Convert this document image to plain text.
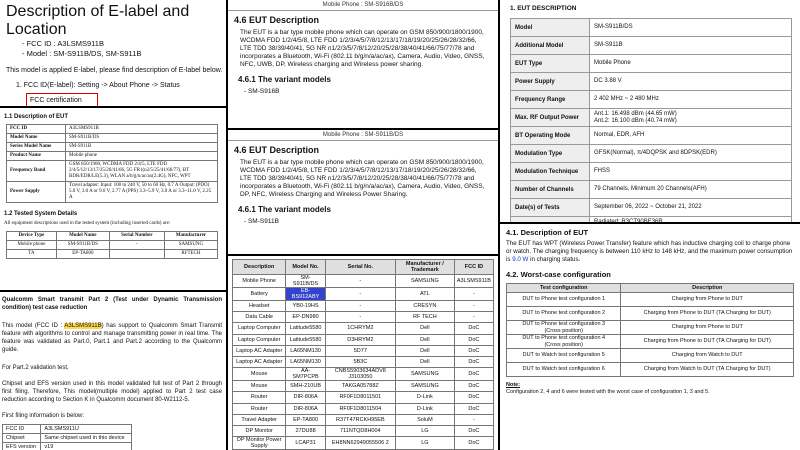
Description of E-label and Location
- FCC ID : A3LSMS911B
- Model : SM-S911B/DS, SM-S911B
This model is applied E-label, please find description of E-label below.
1. FCC ID(E-label): Setting -> About Phone -> Status
FCC certification
1.1 Description of EUT
FCC ID	A3LSMS911B
Model Name	SM-S911B/DS
Series Model Name	SM-S911B
Product Name	Mobile phone
Frequency Band	GSM 850/1900, WCDMA FDD 2/4/5, LTE FDD 2/4/5/12/13/17/25/26/41/66, 5G FR1(n2/5/25/41/66/77), BT BDR/EDR/LE(5.3), WLAN a/b/g/n/ac/ax(2.4G), NFC, WPT
Power Supply	Travel adapter: Input: 100 to 240 V, 50 to 60 Hz, 0.7 A Output: (PDO) 5.0 V, 3.0 A or 9.0 V, 2.77 A (PPS) 3.3~5.9 V, 3.0 A or 3.3~11.0 V, 2.25 A
1.2 Tested System Details
All equipment descriptions used in the tested system (including inserted cards) are:
Device Type	Model Name	Serial Number	Manufacturer
Mobile phone	SM-S911B/DS	-	SAMSUNG
TA	EP-TA800		RFTECH
Qualcomm Smart transmit Part 2 (Test under Dynamic Transmission condition) test case reduction
This model (FCC ID : A3LSMS911B) has support to Qualcomm Smart Transmit feature with algorithms to control and manage transmitting power in real time. The feature was validated as Part.0, Part.1 and Part.2 according to the Qualcomm guide.
For Part.2 validation test,
Chipset and EFS version used in this model validated full test of Part 2 through first filing. Therefore, This model(multiple model) applied to Part 2 test case reduction according to Section K in Qualcomm document 80-W2112-5.
First filing information is below:
FCC ID	A3LSMS911U
Chipset	Same chipset used in this device
EFS version	v19
Mobile Phone : SM-S916B/DS
4.6 EUT Description
The EUT is a bar type mobile phone which can operate on GSM 850/900/1800/1900, WCDMA FDD 1/2/4/5/8, LTE FDD 1/2/3/4/5/7/8/12/13/17/18/19/20/25/26/28/32/66, LTE TDD 38/39/40/41, 5G NR n1/2/3/5/7/8/12/20/25/28/38/40/41/66/75/77/78 and incorporates a Bluetooth, Wi-Fi (802.11 b/g/n/a/ac/ax), Camera, Audio, Video, GNSS, NFC, UWB, DP, Wireless charging and Wireless power sharing.
4.6.1 The variant models
- SM-S916B
Mobile Phone : SM-S911B/DS
4.6 EUT Description
The EUT is a bar type mobile phone which can operate on GSM 850/900/1800/1900, WCDMA FDD 1/2/4/5/8, LTE FDD 1/2/3/4/5/7/8/12/13/17/18/19/20/25/26/28/32/66, LTE TDD 38/39/40/41, 5G NR n1/2/3/5/7/8/12/20/25/28/38/40/41/66/75/77/78 and incorporates a Bluetooth, Wi-Fi (802.11 b/g/n/a/ac/ax), Camera, Audio, Video, GNSS, DP, NFC, Wireless Charging and Wireless Power Sharing.
4.6.1 The variant models
- SM-S911B
Description	Model No.	Serial No.	Manufacturer / Trademark	FCC ID
Mobile Phone	SM-S911B/DS	-	SAMSUNG	A3LSMS911B
Battery	EB-BS912ABY	-	ATL	-
Headset	YB0-19HS	-	CRESYN	-
Data Cable	EP-DN980	-	RF TECH	-
Laptop Computer	Latitude5580	1CHRYM2	Dell	DoC
Laptop Computer	Latitude5580	D3HRYM2	Dell	DoC
Laptop AC Adapter	LA65NM130	5D77	Dell	DoC
Laptop AC Adapter	LA65NM130	5B3C	Dell	DoC
Mouse	AA-SM7PCPB	CNBS5903634ADV8 J3103050	SAMSUNG	DoC
Mouse	SMH-210UB	TAKGA05788Z	SAMSUNG	DoC
Router	DIR-806A	RF0F1D8011501	D-Link	DoC
Router	DIR-806A	RF0F1D8011504	D-Link	DoC
Travel Adapter	EP-TA800	R37T47RCKH95EB	SoluM	-
DP Monitor	27DU88	711NTQD8H004	LG	DoC
DP Monitor Power Supply	LCAP31	EH8NN62949055506 2	LG	DoC

1. EUT DESCRIPTION
Model	SM-S911B/DS
Additional Model	SM-S911B
EUT Type	Mobile Phone
Power Supply	DC 3.88 V
Frequency Range	2 402 MHz ~ 2 480 MHz
Max. RF Output Power	Ant.1: 16.498 dBm (44.65 mW)
Ant.2: 16.100 dBm (40.74 mW)
BT Operating Mode	Normal, EDR, AFH
Modulation Type	GFSK(Normal), π/4DQPSK and 8DPSK(EDR)
Modulation Technique	FHSS
Number of Channels	79 Channels, Minimum 20 Channels(AFH)
Date(s) of Tests	September 06, 2022 ~ October 21, 2022
	Radiated: R3CT90BE36R

4.1. Description of EUT
The EUT has WPT (Wireless Power Transfer) feature which has inductive charging coil to charge phone or watch. The charging frequency is between 110 kHz to 148 kHz, and the maximum power consumption is 9.0 W in charging status.
4.2. Worst-case configuration
Test configuration	Description
DUT to Phone test configuration 1	Charging from Phone to DUT
DUT to Phone test configuration 2	Charging from Phone to DUT (TA Charging for DUT)
DUT to Phone test configuration 3
(Cross position)	Charging from Phone to DUT
DUT to Phone test configuration 4
(Cross position)	Charging from Phone to DUT (TA Charging for DUT)
DUT to Watch test configuration 5	Charging from Watch to DUT
DUT to Watch test configuration 6	Charging from Watch to DUT (TA Charging for DUT)
Note:
Configuration 2, 4 and 6 were tested with the worst case of configuration 1, 3 and 5.
